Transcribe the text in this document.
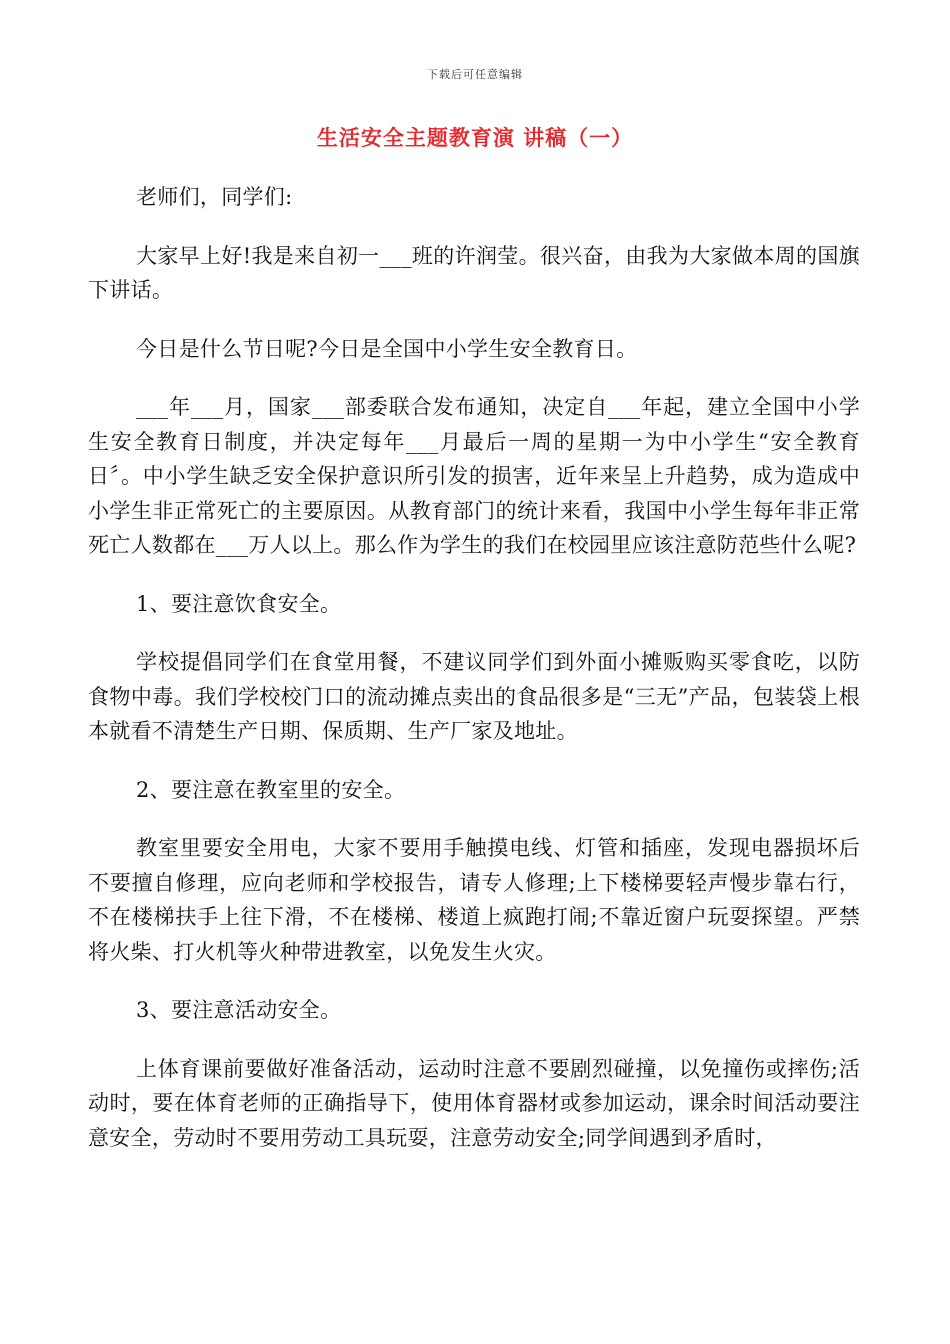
下载后可任意编辑
生活安全主题教育演 讲稿（一）

老师们，同学们:

大家早上好!我是来自初一___班的许润莹。很兴奋，由我为大家做本周的国旗下讲话。

今日是什么节日呢?今日是全国中小学生安全教育日。

___年___月，国家___部委联合发布通知，决定自___年起，建立全国中小学生安全教育日制度，并决定每年___月最后一周的星期一为中小学生“安全教育日〞。中小学生缺乏安全保护意识所引发的损害，近年来呈上升趋势，成为造成中小学生非正常死亡的主要原因。从教育部门的统计来看，我国中小学生每年非正常死亡人数都在___万人以上。那么作为学生的我们在校园里应该注意防范些什么呢?

1、要注意饮食安全。

学校提倡同学们在食堂用餐，不建议同学们到外面小摊贩购买零食吃，以防食物中毒。我们学校校门口的流动摊点卖出的食品很多是“三无”产品，包装袋上根本就看不清楚生产日期、保质期、生产厂家及地址。

2、要注意在教室里的安全。

教室里要安全用电，大家不要用手触摸电线、灯管和插座，发现电器损坏后不要擅自修理，应向老师和学校报告，请专人修理;上下楼梯要轻声慢步靠右行，不在楼梯扶手上往下滑，不在楼梯、楼道上疯跑打闹;不靠近窗户玩耍探望。严禁将火柴、打火机等火种带进教室，以免发生火灾。

3、要注意活动安全。

上体育课前要做好准备活动，运动时注意不要剧烈碰撞，以免撞伤或摔伤;活动时，要在体育老师的正确指导下，使用体育器材或参加运动，课余时间活动要注意安全，劳动时不要用劳动工具玩耍，注意劳动安全;同学间遇到矛盾时，
